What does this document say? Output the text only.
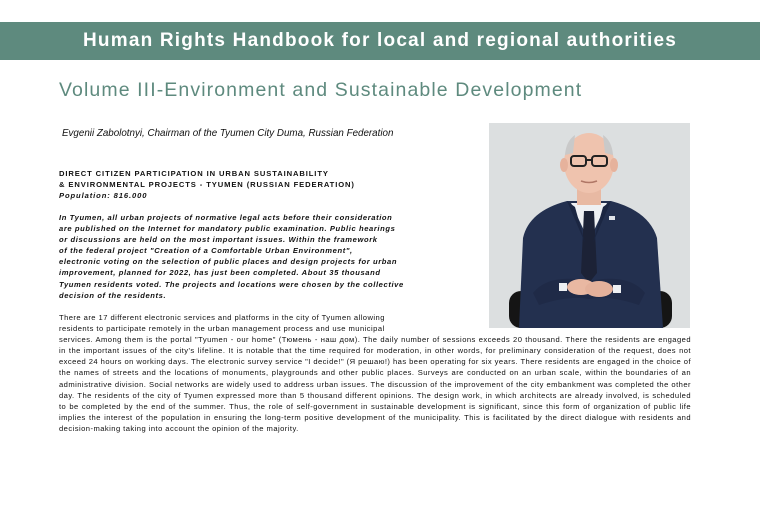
Human Rights Handbook for local and regional authorities
Volume III-Environment and Sustainable Development
Evgenii Zabolotnyi, Chairman of the Tyumen City Duma, Russian Federation
DIRECT CITIZEN PARTICIPATION IN URBAN SUSTAINABILITY
& ENVIRONMENTAL PROJECTS - TYUMEN (RUSSIAN FEDERATION)
Population: 816.000
In Tyumen, all urban projects of normative legal acts before their consideration
are published on the Internet for mandatory public examination. Public hearings
or discussions are held on the most important issues. Within the framework
of the federal project "Creation of a Comfortable Urban Environment",
electronic voting on the selection of public places and design projects for urban
improvement, planned for 2022, has just been completed. About 35 thousand
Tyumen residents voted. The projects and locations were chosen by the collective
decision of the residents.
There are 17 different electronic services and platforms in the city of Tyumen allowing
residents to participate remotely in the urban management process and use municipal
services. Among them is the portal "Tyumen - our home" (Тюмень - наш дом). The daily number of sessions exceeds 20 thousand. There the residents are engaged in the important issues of the city's lifeline. It is notable that the time required for moderation, in other words, for preliminary consideration of the request, does not exceed 24 hours on working days. The electronic survey service "I decide!" (Я решаю!) has been operating for six years. There residents are engaged in the choice of the names of streets and the locations of monuments, playgrounds and other public places. Surveys are conducted on an urban scale, within the boundaries of an administrative division. Social networks are widely used to address urban issues. The discussion of the improvement of the city embankment was completed the other day. The residents of the city of Tyumen expressed more than 5 thousand different opinions. The design work, in which architects are already involved, is scheduled to be completed by the end of the summer. Thus, the role of self-government in sustainable development is significant, since this form of organization of public life implies the interest of the population in ensuring the long-term positive development of the municipality. This is facilitated by the direct dialogue with residents and decision-making taking into account the opinion of the majority.
